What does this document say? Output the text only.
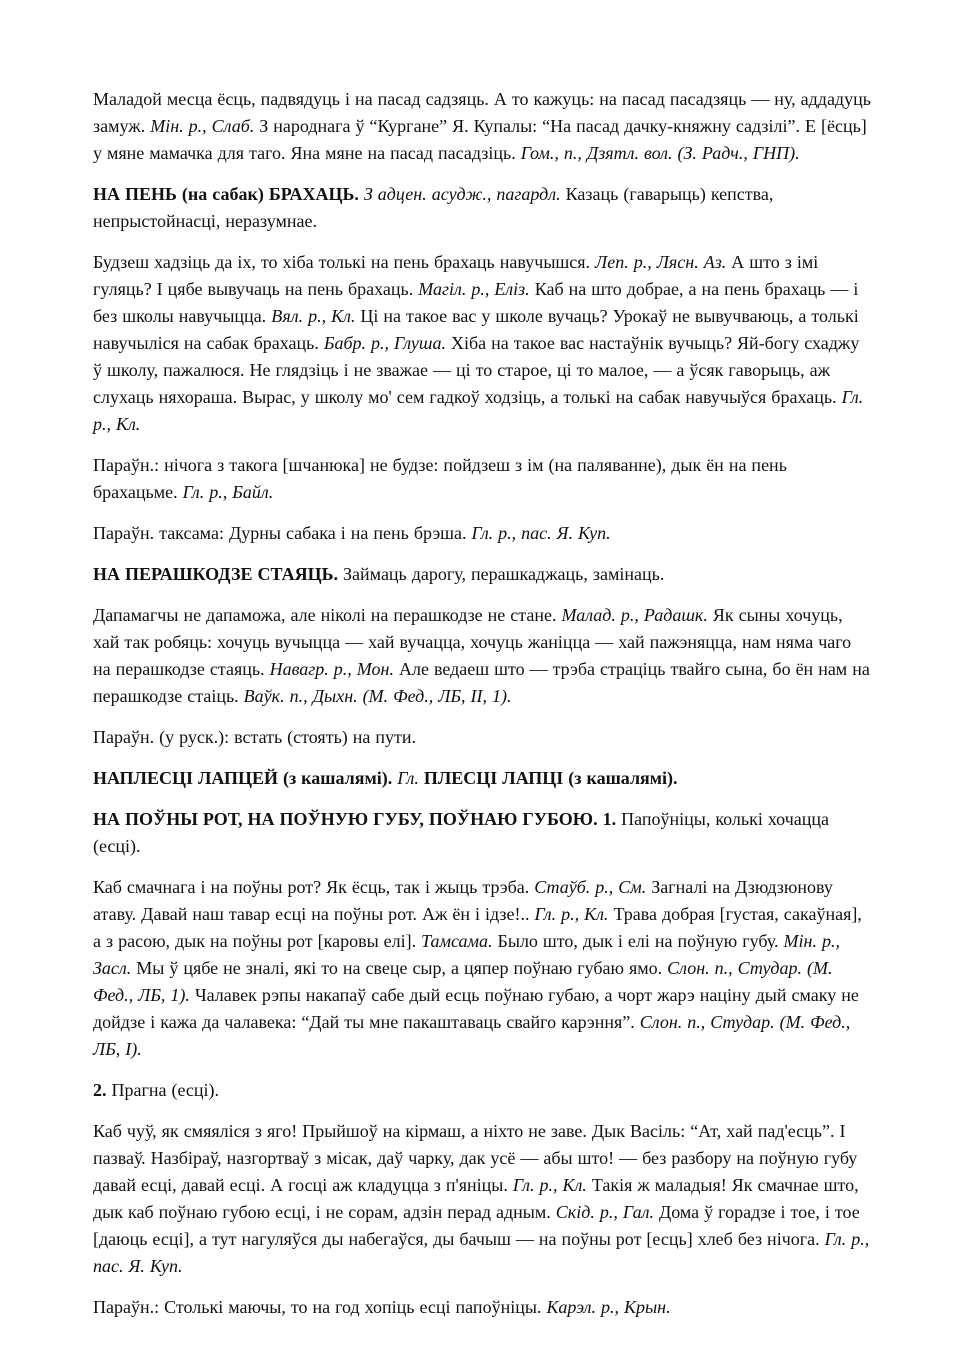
Маладой месца ёсць, падвядуць і на пасад садзяць. А то кажуць: на пасад пасадзяць — ну, аддадуць замуж. Мін. р., Слаб. З народнага ў “Кургане” Я. Купалы: “На пасад дачку-княжну садзілі”. Е [ёсць] у мяне мамачка для таго. Яна мяне на пасад пасадзіць. Гом., п., Дзятл. вол. (З. Радч., ГНП).

НА ПЕНЬ (на сабак) БРАХАЦЬ. З адцен. асудж., пагардл. Казаць (гаварыць) кепства, непрыстойнасці, неразумнае.

Будзеш хадзіць да іх, то хіба толькі на пень брахаць навучышся. Леп. р., Лясн. Аз. А што з імі гуляць? І цябе вывучаць на пень брахаць. Магіл. р., Еліз. Каб на што добрае, а на пень брахаць — і без школы навучыцца. Вял. р., Кл. Ці на такое вас у школе вучаць? Урокаў не вывучваюць, а толькі навучыліся на сабак брахаць. Бабр. р., Глуша. Хіба на такое вас настаўнік вучыць? Яй-богу схаджу ў школу, пажалюся. Не глядзіць і не зважае — ці то старое, ці то малое, — а ўсяк гаворыць, аж слухаць няхораша. Вырас, у школу мо' сем гадкоў ходзіць, а толькі на сабак навучыўся брахаць. Гл. р., Кл.

Параўн.: нічога з такога [шчанюка] не будзе: пойдзеш з ім (на паляванне), дык ён на пень брахацьме. Гл. р., Байл.

Параўн. таксама: Дурны сабака і на пень брэша. Гл. р., пас. Я. Куп.

НА ПЕРАШКОДЗЕ СТАЯЦЬ. Займаць дарогу, перашкаджаць, замінаць.

Дапамагчы не дапаможа, але ніколі на перашкодзе не стане. Малад. р., Радашк. Як сыны хочуць, хай так робяць: хочуць вучыцца — хай вучацца, хочуць жаніцца — хай пажэняцца, нам няма чаго на перашкодзе стаяць. Навагр. р., Мон. Але ведаеш што — трэба страціць твайго сына, бо ён нам на перашкодзе стаіць. Ваўк. п., Дыхн. (М. Фед., ЛБ, II, 1).

Параўн. (у руск.): встать (стоять) на пути.

НАПЛЕСЦІ ЛАПЦЕЙ (з кашалямі). Гл. ПЛЕСЦІ ЛАПЦІ (з кашалямі).

НА ПОЎНЫ РОТ, НА ПОЎНУЮ ГУБУ, ПОЎНАЮ ГУБОЮ. 1. Папоўніцы, колькі хочацца (есці).

Каб смачнага і на поўны рот? Як ёсць, так і жыць трэба. Стаўб. р., См. Загналі на Дзюдзюнову атаву. Давай наш тавар есці на поўны рот. Аж ён і ідзе!.. Гл. р., Кл. Трава добрая [густая, сакаўная], а з расою, дык на поўны рот [каровы елі]. Тамсама. Было што, дык і елі на поўную губу. Мін. р., Засл. Мы ў цябе не зналі, які то на свеце сыр, а цяпер поўнаю губаю ямо. Слон. п., Студар. (М. Фед., ЛБ, 1). Чалавек рэпы накапаў сабе дый есць поўнаю губаю, а чорт жарэ націну дый смаку не дойдзе і кажа да чалавека: “Дай ты мне пакаштаваць свайго карэння”. Слон. п., Студар. (М. Фед., ЛБ, I).

2. Прагна (есці).

Каб чуў, як смяяліся з яго! Прыйшоў на кірмаш, а ніхто не заве. Дык Васіль: “Ат, хай пад'есць”. І пазваў. Назбіраў, назгортваў з місак, даў чарку, дак усё — абы што! — без разбору на поўную губу давай есці, давай есці. А госці аж кладуцца з п'яніцы. Гл. р., Кл. Такія ж маладыя! Як смачнае што, дык каб поўнаю губою есці, і не сорам, адзін перад адным. Скід. р., Гал. Дома ў горадзе і тое, і тое [даюць есці], а тут нагуляўся ды набегаўся, ды бачыш — на поўны рот [есць] хлеб без нічога. Гл. р., пас. Я. Куп.

Параўн.: Столькі маючы, то на год хопіць есці папоўніцы. Карэл. р., Крын.
